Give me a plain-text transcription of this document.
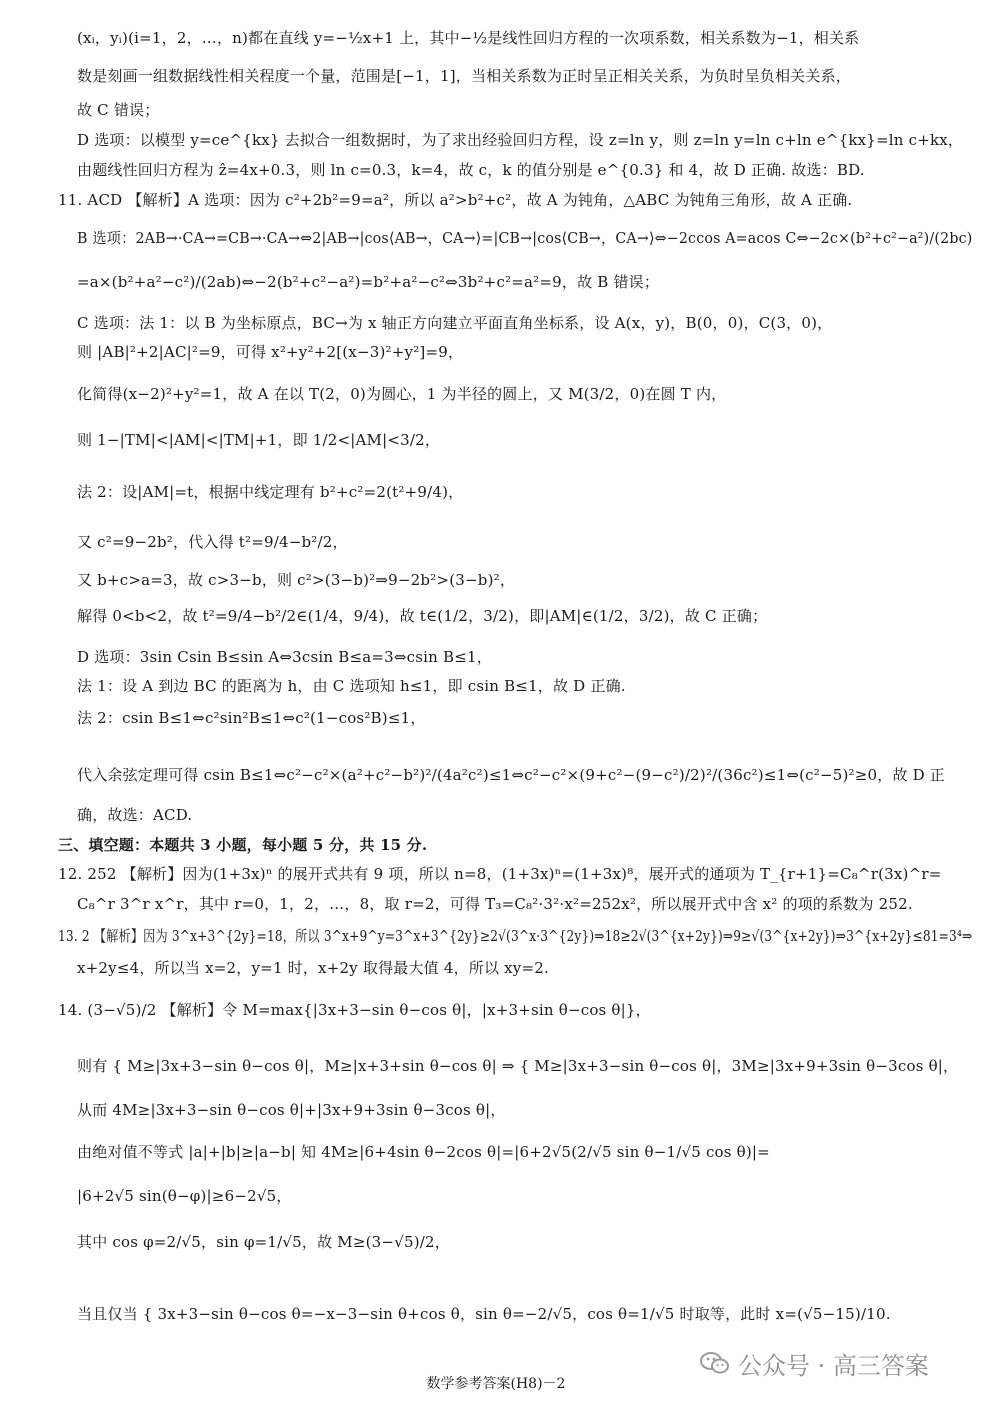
(xᵢ，yᵢ)(i=1，2，…，n)都在直线 y=−½x+1 上，其中−½是线性回归方程的一次项系数，相关系数为−1，相关系
数是刻画一组数据线性相关程度一个量，范围是[−1，1]，当相关系数为正时呈正相关关系，为负时呈负相关关系，
故 C 错误；
D 选项：以模型 y=ce^{kx} 去拟合一组数据时，为了求出经验回归方程，设 z=ln y，则 z=ln y=ln c+ln e^{kx}=ln c+kx，
由题线性回归方程为 ẑ=4x+0.3，则 ln c=0.3，k=4，故 c，k 的值分别是 e^{0.3} 和 4，故 D 正确. 故选：BD.
11. ACD 【解析】A 选项：因为 c²+2b²=9=a²，所以 a²>b²+c²，故 A 为钝角，△ABC 为钝角三角形，故 A 正确.
B 选项：2AB→·CA→=CB→·CA→⇔2|AB→|cos⟨AB→，CA→⟩=|CB→|cos⟨CB→，CA→⟩⇔−2ccos A=acos C⇔−2c×(b²+c²−a²)/(2bc)
=a×(b²+a²−c²)/(2ab)⇔−2(b²+c²−a²)=b²+a²−c²⇔3b²+c²=a²=9，故 B 错误；
C 选项：法 1：以 B 为坐标原点，BC→为 x 轴正方向建立平面直角坐标系，设 A(x，y)，B(0，0)，C(3，0)，
则 |AB|²+2|AC|²=9，可得 x²+y²+2[(x−3)²+y²]=9，
化简得(x−2)²+y²=1，故 A 在以 T(2，0)为圆心，1 为半径的圆上，又 M(3/2，0)在圆 T 内，
则 1−|TM|<|AM|<|TM|+1，即 1/2<|AM|<3/2，
法 2：设|AM|=t，根据中线定理有 b²+c²=2(t²+9/4)，
又 c²=9−2b²，代入得 t²=9/4−b²/2，
又 b+c>a=3，故 c>3−b，则 c²>(3−b)²⇒9−2b²>(3−b)²，
解得 0<b<2，故 t²=9/4−b²/2∈(1/4，9/4)，故 t∈(1/2，3/2)，即|AM|∈(1/2，3/2)，故 C 正确；
D 选项：3sin Csin B≤sin A⇔3csin B≤a=3⇔csin B≤1，
法 1：设 A 到边 BC 的距离为 h，由 C 选项知 h≤1，即 csin B≤1，故 D 正确.
法 2：csin B≤1⇔c²sin²B≤1⇔c²(1−cos²B)≤1，
代入余弦定理可得 csin B≤1⇔c²−c²×(a²+c²−b²)²/(4a²c²)≤1⇔c²−c²×(9+c²−(9−c²)/2)²/(36c²)≤1⇔(c²−5)²≥0，故 D 正
确，故选：ACD.
三、填空题：本题共 3 小题，每小题 5 分，共 15 分.
12. 252 【解析】因为(1+3x)ⁿ 的展开式共有 9 项，所以 n=8，(1+3x)ⁿ=(1+3x)⁸，展开式的通项为 T_{r+1}=C₈^r(3x)^r=
C₈^r 3^r x^r，其中 r=0，1，2，…，8，取 r=2，可得 T₃=C₈²·3²·x²=252x²，所以展开式中含 x² 的项的系数为 252.
13. 2 【解析】因为 3^x+3^{2y}=18，所以 3^x+9^y=3^x+3^{2y}≥2√(3^x·3^{2y})⇒18≥2√(3^{x+2y})⇒9≥√(3^{x+2y})⇒3^{x+2y}≤81=3⁴⇒
x+2y≤4，所以当 x=2，y=1 时，x+2y 取得最大值 4，所以 xy=2.
14. (3−√5)/2 【解析】令 M=max{|3x+3−sin θ−cos θ|，|x+3+sin θ−cos θ|}，
则有 { M≥|3x+3−sin θ−cos θ|，M≥|x+3+sin θ−cos θ| ⇒ { M≥|3x+3−sin θ−cos θ|，3M≥|3x+9+3sin θ−3cos θ|，
从而 4M≥|3x+3−sin θ−cos θ|+|3x+9+3sin θ−3cos θ|，
由绝对值不等式 |a|+|b|≥|a−b| 知 4M≥|6+4sin θ−2cos θ|=|6+2√5(2/√5 sin θ−1/√5 cos θ)|=
|6+2√5 sin(θ−φ)|≥6−2√5，
其中 cos φ=2/√5，sin φ=1/√5，故 M≥(3−√5)/2，
当且仅当 { 3x+3−sin θ−cos θ=−x−3−sin θ+cos θ，sin θ=−2/√5，cos θ=1/√5 时取等，此时 x=(√5−15)/10.
公众号 · 高三答案
数学参考答案(H8)－2
